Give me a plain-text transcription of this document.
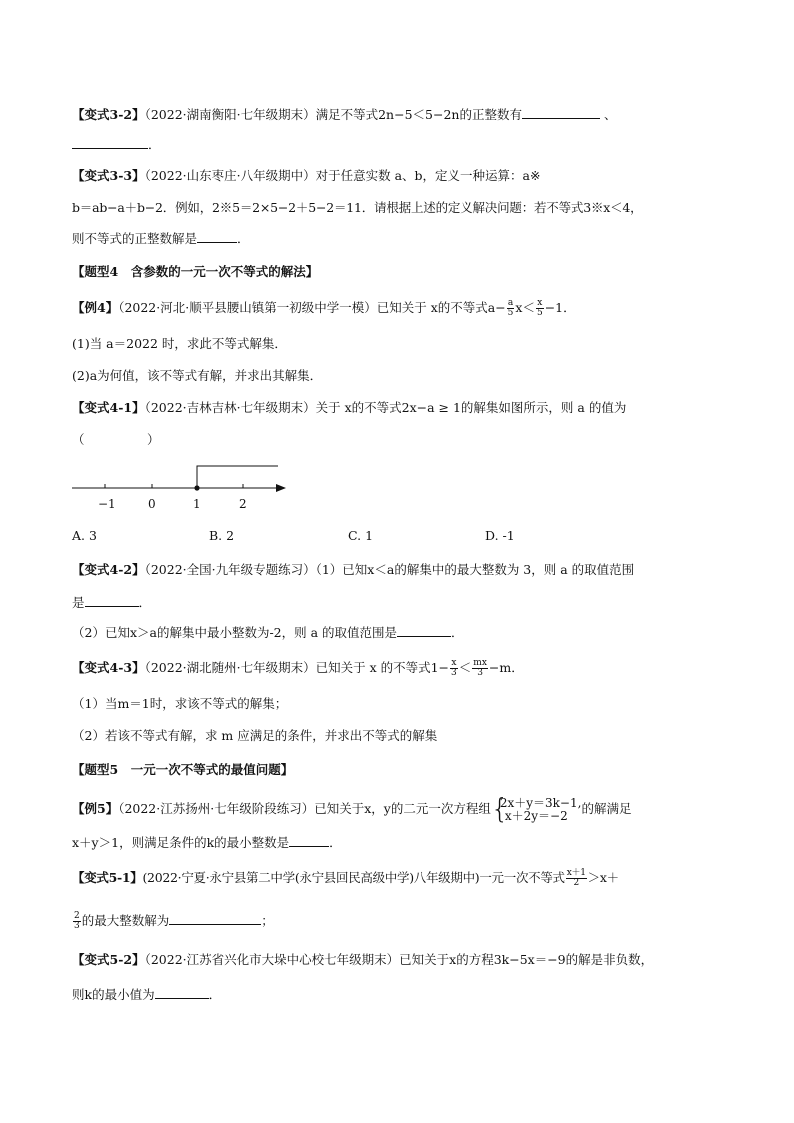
【变式3-2】（2022·湖南衡阳·七年级期末）满足不等式2n−5＜5−2n的正整数有	、
．
【变式3-3】（2022·山东枣庄·八年级期中）对于任意实数 a、b，定义一种运算：a※
b＝ab−a＋b−2．例如，2※5＝2×5−2＋5−2＝11．请根据上述的定义解决问题：若不等式3※x＜4，
则不等式的正整数解是	．
【题型4　含参数的一元一次不等式的解法】
【例4】（2022·河北·顺平县腰山镇第一初级中学一模）已知关于 x的不等式$a- \frac{a}{5} x< \frac{x}{5} -1$．
(1)当 a＝2022 时，求此不等式解集．
(2)a为何值，该不等式有解，并求出其解集．
【变式4-1】（2022·吉林吉林·七年级期末）关于 x的不等式2x−a ≥ 1的解集如图所示，则 a 的值为
（　　　　　）
−1	0	1	2
A. 3	B. 2	C. 1	D. -1
【变式4-2】（2022·全国·九年级专题练习）（1）已知x＜a的解集中的最大整数为 3，则 a 的取值范围
是	．
（2）已知x＞a的解集中最小整数为-2，则 a 的取值范围是	．
【变式4-3】（2022·湖北随州·七年级期末）已知关于 x 的不等式$1- \frac{x}{3} < \frac{mx}{3} -m$．
（1）当m＝1时，求该不等式的解集；
（2）若该不等式有解，求 m 应满足的条件，并求出不等式的解集
【题型5　一元一次不等式的最值问题】
【例5】（2022·江苏扬州·七年级阶段练习）已知关于x，y的二元一次方程组 {
2x＋y＝3k−1,
x＋2y＝−2	的解满足
x＋y＞1，则满足条件的k的最小整数是	．
【变式5-1】(2022·宁夏·永宁县第二中学(永宁县回民高级中学)八年级期中)一元一次不等式 $\frac{x+1}{2} >x+$
$\frac{2}{3}$ 的最大整数解为	；
【变式5-2】（2022·江苏省兴化市大垛中心校七年级期末）已知关于x的方程3k−5x＝−9的解是非负数，
则k的最小值为	．
